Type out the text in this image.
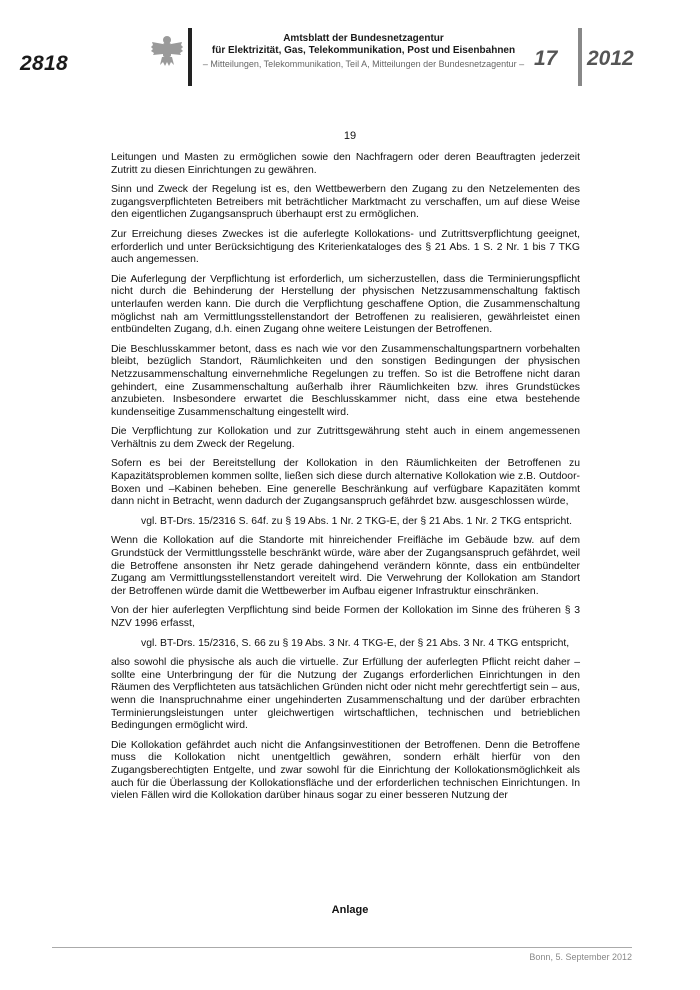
2818
Amtsblatt der Bundesnetzagentur
für Elektrizität, Gas, Telekommunikation, Post und Eisenbahnen
– Mitteilungen, Telekommunikation, Teil A, Mitteilungen der Bundesnetzagentur – 17 2012
19

Leitungen und Masten zu ermöglichen sowie den Nachfragern oder deren Beauftragten jederzeit Zutritt zu diesen Einrichtungen zu gewähren.

Sinn und Zweck der Regelung ist es, den Wettbewerbern den Zugang zu den Netzelementen des zugangsverpflichteten Betreibers mit beträchtlicher Marktmacht zu verschaffen, um auf diese Weise den eigentlichen Zugangsanspruch überhaupt erst zu ermöglichen.

Zur Erreichung dieses Zweckes ist die auferlegte Kollokations- und Zutrittsverpflichtung geeignet, erforderlich und unter Berücksichtigung des Kriterienkataloges des § 21 Abs. 1 S. 2 Nr. 1 bis 7 TKG auch angemessen.

Die Auferlegung der Verpflichtung ist erforderlich, um sicherzustellen, dass die Terminierungspflicht nicht durch die Behinderung der Herstellung der physischen Netzzusammenschaltung faktisch unterlaufen werden kann. Die durch die Verpflichtung geschaffene Option, die Zusammenschaltung möglichst nah am Vermittlungsstellenstandort der Betroffenen zu realisieren, gewährleistet einen entbündelten Zugang, d.h. einen Zugang ohne weitere Leistungen der Betroffenen.

Die Beschlusskammer betont, dass es nach wie vor den Zusammenschaltungspartnern vorbehalten bleibt, bezüglich Standort, Räumlichkeiten und den sonstigen Bedingungen der physischen Netzzusammenschaltung einvernehmliche Regelungen zu treffen. So ist die Betroffene nicht daran gehindert, eine Zusammenschaltung außerhalb ihrer Räumlichkeiten bzw. ihres Grundstückes anzubieten. Insbesondere erwartet die Beschlusskammer nicht, dass eine etwa bestehende kundenseitige Zusammenschaltung eingestellt wird.

Die Verpflichtung zur Kollokation und zur Zutrittsgewährung steht auch in einem angemessenen Verhältnis zu dem Zweck der Regelung.

Sofern es bei der Bereitstellung der Kollokation in den Räumlichkeiten der Betroffenen zu Kapazitätsproblemen kommen sollte, ließen sich diese durch alternative Kollokation wie z.B. Outdoor-Boxen und –Kabinen beheben. Eine generelle Beschränkung auf verfügbare Kapazitäten kommt dann nicht in Betracht, wenn dadurch der Zugangsanspruch gefährdet bzw. ausgeschlossen würde,

vgl. BT-Drs. 15/2316 S. 64f. zu § 19 Abs. 1 Nr. 2 TKG-E, der § 21 Abs. 1 Nr. 2 TKG entspricht.

Wenn die Kollokation auf die Standorte mit hinreichender Freifläche im Gebäude bzw. auf dem Grundstück der Vermittlungsstelle beschränkt würde, wäre aber der Zugangsanspruch gefährdet, weil die Betroffene ansonsten ihr Netz gerade dahingehend verändern könnte, dass ein entbündelter Zugang am Vermittlungsstellenstandort vereitelt wird. Die Verwehrung der Kollokation am Standort der Betroffenen würde damit die Wettbewerber im Aufbau eigener Infrastruktur einschränken.

Von der hier auferlegten Verpflichtung sind beide Formen der Kollokation im Sinne des früheren § 3 NZV 1996 erfasst,

vgl. BT-Drs. 15/2316, S. 66 zu § 19 Abs. 3 Nr. 4 TKG-E, der § 21 Abs. 3 Nr. 4 TKG entspricht,

also sowohl die physische als auch die virtuelle. Zur Erfüllung der auferlegten Pflicht reicht daher – sollte eine Unterbringung der für die Nutzung der Zugangs erforderlichen Einrichtungen in den Räumen des Verpflichteten aus tatsächlichen Gründen nicht oder nicht mehr gerechtfertigt sein – aus, wenn die Inanspruchnahme einer ungehinderten Zusammenschaltung und der darüber erbrachten Terminierungsleistungen unter gleichwertigen wirtschaftlichen, technischen und betrieblichen Bedingungen ermöglicht wird.

Die Kollokation gefährdet auch nicht die Anfangsinvestitionen der Betroffenen. Denn die Betroffene muss die Kollokation nicht unentgeltlich gewähren, sondern erhält hierfür von den Zugangsberechtigten Entgelte, und zwar sowohl für die Einrichtung der Kollokationsmöglichkeit als auch für die Überlassung der Kollokationsfläche und der erforderlichen technischen Einrichtungen. In vielen Fällen wird die Kollokation darüber hinaus sogar zu einer besseren Nutzung der

Anlage
Bonn, 5. September 2012
